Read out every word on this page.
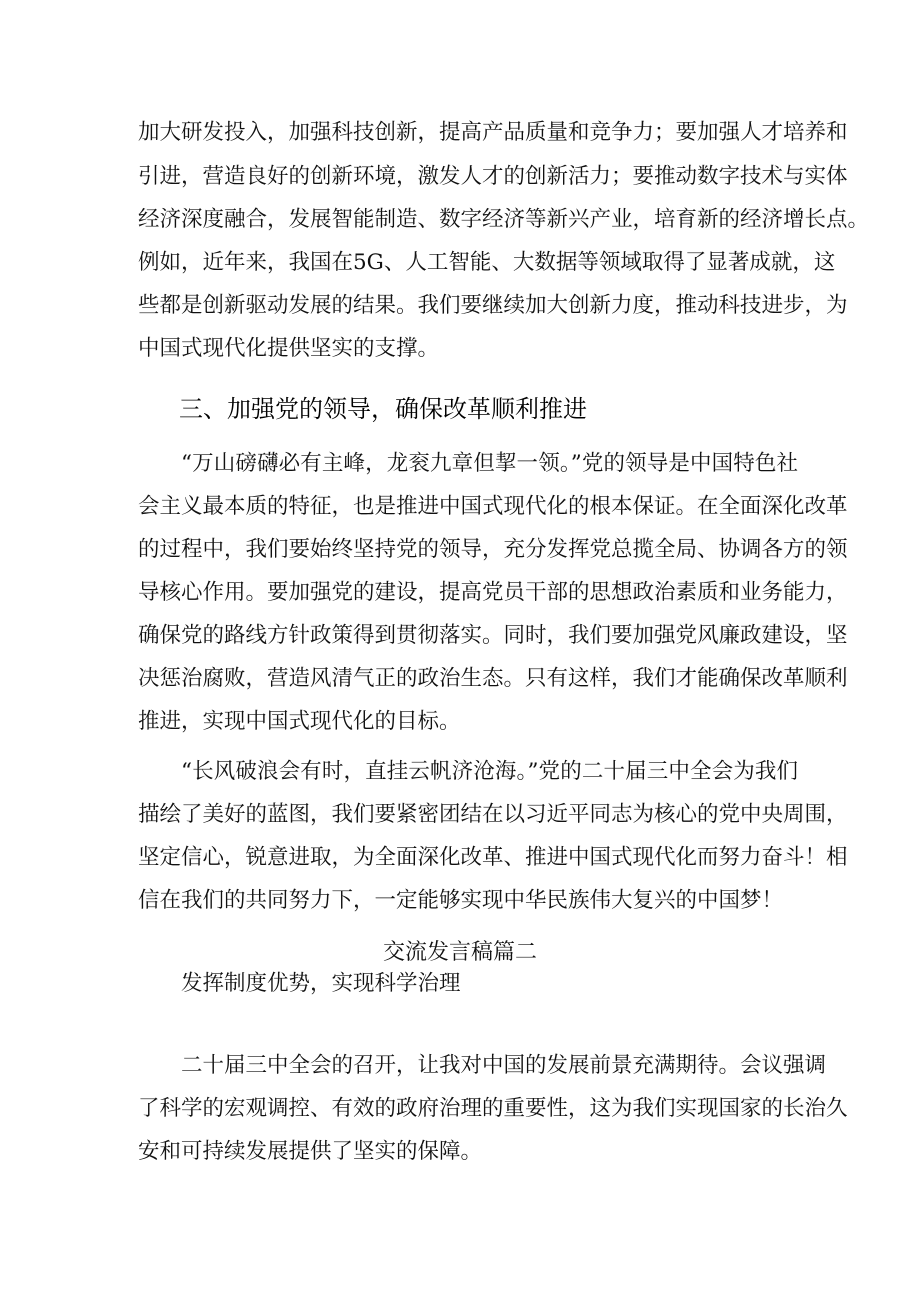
加大研发投入，加强科技创新，提高产品质量和竞争力；要加强人才培养和
引进，营造良好的创新环境，激发人才的创新活力；要推动数字技术与实体
经济深度融合，发展智能制造、数字经济等新兴产业，培育新的经济增长点。
例如，近年来，我国在5G、人工智能、大数据等领域取得了显著成就，这
些都是创新驱动发展的结果。我们要继续加大创新力度，推动科技进步，为
中国式现代化提供坚实的支撑。
三、加强党的领导，确保改革顺利推进
“万山磅礴必有主峰，龙衮九章但挈一领。”党的领导是中国特色社
会主义最本质的特征，也是推进中国式现代化的根本保证。在全面深化改革
的过程中，我们要始终坚持党的领导，充分发挥党总揽全局、协调各方的领
导核心作用。要加强党的建设，提高党员干部的思想政治素质和业务能力，
确保党的路线方针政策得到贯彻落实。同时，我们要加强党风廉政建设，坚
决惩治腐败，营造风清气正的政治生态。只有这样，我们才能确保改革顺利
推进，实现中国式现代化的目标。
“长风破浪会有时，直挂云帆济沧海。”党的二十届三中全会为我们
描绘了美好的蓝图，我们要紧密团结在以习近平同志为核心的党中央周围，
坚定信心，锐意进取，为全面深化改革、推进中国式现代化而努力奋斗！相
信在我们的共同努力下，一定能够实现中华民族伟大复兴的中国梦！
交流发言稿篇二
发挥制度优势，实现科学治理
二十届三中全会的召开，让我对中国的发展前景充满期待。会议强调
了科学的宏观调控、有效的政府治理的重要性，这为我们实现国家的长治久
安和可持续发展提供了坚实的保障。
